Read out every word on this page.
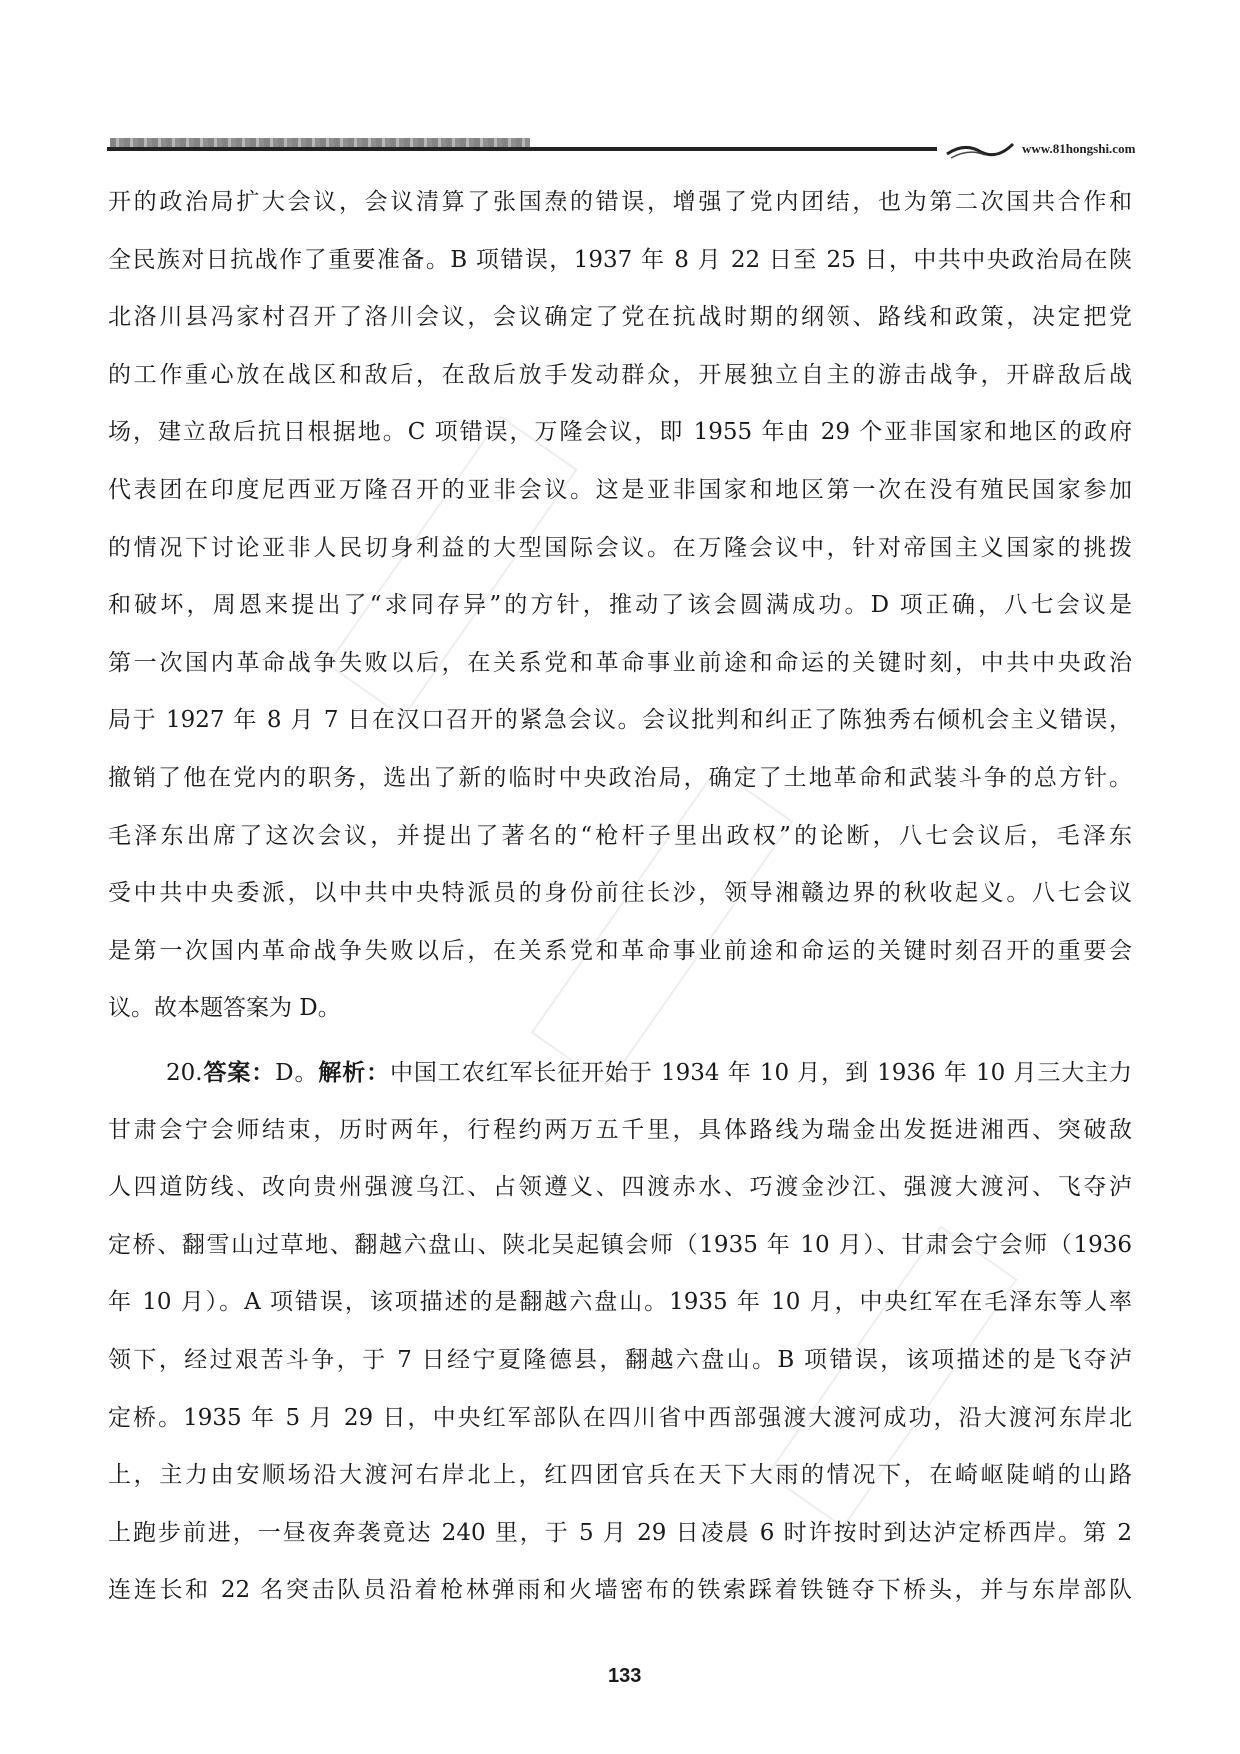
www.81hongshi.com
开的政治局扩大会议，会议清算了张国焘的错误，增强了党内团结，也为第二次国共合作和
全民族对日抗战作了重要准备。B 项错误，1937 年 8 月 22 日至 25 日，中共中央政治局在陕
北洛川县冯家村召开了洛川会议，会议确定了党在抗战时期的纲领、路线和政策，决定把党
的工作重心放在战区和敌后，在敌后放手发动群众，开展独立自主的游击战争，开辟敌后战
场，建立敌后抗日根据地。C 项错误，万隆会议，即 1955 年由 29 个亚非国家和地区的政府
代表团在印度尼西亚万隆召开的亚非会议。这是亚非国家和地区第一次在没有殖民国家参加
的情况下讨论亚非人民切身利益的大型国际会议。在万隆会议中，针对帝国主义国家的挑拨
和破坏，周恩来提出了“求同存异”的方针，推动了该会圆满成功。D 项正确，八七会议是
第一次国内革命战争失败以后，在关系党和革命事业前途和命运的关键时刻，中共中央政治
局于 1927 年 8 月 7 日在汉口召开的紧急会议。会议批判和纠正了陈独秀右倾机会主义错误，
撤销了他在党内的职务，选出了新的临时中央政治局，确定了土地革命和武装斗争的总方针。
毛泽东出席了这次会议，并提出了著名的“枪杆子里出政权”的论断，八七会议后，毛泽东
受中共中央委派，以中共中央特派员的身份前往长沙，领导湘赣边界的秋收起义。八七会议
是第一次国内革命战争失败以后，在关系党和革命事业前途和命运的关键时刻召开的重要会
议。故本题答案为 D。
20.答案：D。解析：中国工农红军长征开始于 1934 年 10 月，到 1936 年 10 月三大主力
甘肃会宁会师结束，历时两年，行程约两万五千里，具体路线为瑞金出发挺进湘西、突破敌
人四道防线、改向贵州强渡乌江、占领遵义、四渡赤水、巧渡金沙江、强渡大渡河、飞夺泸
定桥、翻雪山过草地、翻越六盘山、陕北吴起镇会师（1935 年 10 月）、甘肃会宁会师（1936
年 10 月）。A 项错误，该项描述的是翻越六盘山。1935 年 10 月，中央红军在毛泽东等人率
领下，经过艰苦斗争，于 7 日经宁夏隆德县，翻越六盘山。B 项错误，该项描述的是飞夺泸
定桥。1935 年 5 月 29 日，中央红军部队在四川省中西部强渡大渡河成功，沿大渡河东岸北
上，主力由安顺场沿大渡河右岸北上，红四团官兵在天下大雨的情况下，在崎岖陡峭的山路
上跑步前进，一昼夜奔袭竟达 240 里，于 5 月 29 日凌晨 6 时许按时到达泸定桥西岸。第 2
连连长和 22 名突击队员沿着枪林弹雨和火墙密布的铁索踩着铁链夺下桥头，并与东岸部队
133
